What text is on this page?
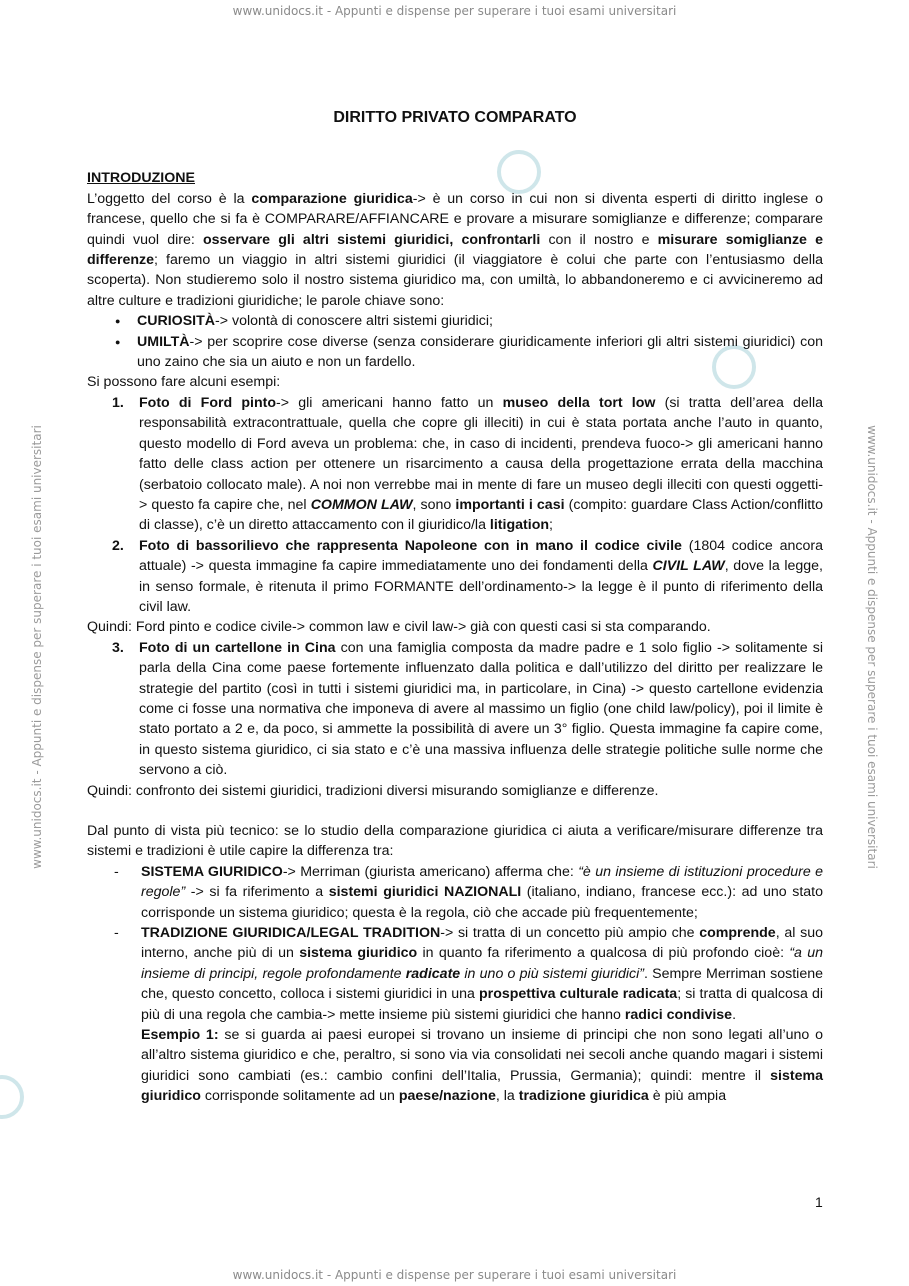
www.unidocs.it - Appunti e dispense per superare i tuoi esami universitari
www.unidocs.it - Appunti e dispense per superare i tuoi esami universitari
www.unidocs.it - Appunti e dispense per superare i tuoi esami universitari	www.unidocs.it - Appunti e dispense per superare i tuoi esami universitari
DIRITTO PRIVATO COMPARATO

INTRODUZIONE

L’oggetto del corso è la comparazione giuridica-> è un corso in cui non si diventa esperti di diritto inglese o francese, quello che si fa è COMPARARE/AFFIANCARE e provare a misurare somiglianze e differenze; comparare quindi vuol dire: osservare gli altri sistemi giuridici, confrontarli con il nostro e misurare somiglianze e differenze; faremo un viaggio in altri sistemi giuridici (il viaggiatore è colui che parte con l’entusiasmo della scoperta). Non studieremo solo il nostro sistema giuridico ma, con umiltà, lo abbandoneremo e ci avvicineremo ad altre culture e tradizioni giuridiche; le parole chiave sono:

● CURIOSITÀ-> volontà di conoscere altri sistemi giuridici;
● UMILTÀ-> per scoprire cose diverse (senza considerare giuridicamente inferiori gli altri sistemi giuridici) con uno zaino che sia un aiuto e non un fardello.

Si possono fare alcuni esempi:

1. Foto di Ford pinto-> gli americani hanno fatto un museo della tort low (si tratta dell’area della responsabilità extracontrattuale, quella che copre gli illeciti) in cui è stata portata anche l’auto in quanto, questo modello di Ford aveva un problema: che, in caso di incidenti, prendeva fuoco-> gli americani hanno fatto delle class action per ottenere un risarcimento a causa della progettazione errata della macchina (serbatoio collocato male). A noi non verrebbe mai in mente di fare un museo degli illeciti con questi oggetti-> questo fa capire che, nel COMMON LAW, sono importanti i casi (compito: guardare Class Action/conflitto di classe), c’è un diretto attaccamento con il giuridico/la litigation;
2. Foto di bassorilievo che rappresenta Napoleone con in mano il codice civile (1804 codice ancora attuale) -> questa immagine fa capire immediatamente uno dei fondamenti della CIVIL LAW, dove la legge, in senso formale, è ritenuta il primo FORMANTE dell’ordinamento-> la legge è il punto di riferimento della civil law.

Quindi: Ford pinto e codice civile-> common law e civil law-> già con questi casi si sta comparando.

3. Foto di un cartellone in Cina con una famiglia composta da madre padre e 1 solo figlio -> solitamente si parla della Cina come paese fortemente influenzato dalla politica e dall’utilizzo del diritto per realizzare le strategie del partito (così in tutti i sistemi giuridici ma, in particolare, in Cina) -> questo cartellone evidenzia come ci fosse una normativa che imponeva di avere al massimo un figlio (one child law/policy), poi il limite è stato portato a 2 e, da poco, si ammette la possibilità di avere un 3° figlio. Questa immagine fa capire come, in questo sistema giuridico, ci sia stato e c’è una massiva influenza delle strategie politiche sulle norme che servono a ciò.

Quindi: confronto dei sistemi giuridici, tradizioni diversi misurando somiglianze e differenze.

Dal punto di vista più tecnico: se lo studio della comparazione giuridica ci aiuta a verificare/misurare differenze tra sistemi e tradizioni è utile capire la differenza tra:

- SISTEMA GIURIDICO-> Merriman (giurista americano) afferma che: “è un insieme di istituzioni procedure e regole” -> si fa riferimento a sistemi giuridici NAZIONALI (italiano, indiano, francese ecc.): ad uno stato corrisponde un sistema giuridico; questa è la regola, ciò che accade più frequentemente;
- TRADIZIONE GIURIDICA/LEGAL TRADITION-> si tratta di un concetto più ampio che comprende, al suo interno, anche più di un sistema giuridico in quanto fa riferimento a qualcosa di più profondo cioè: “a un insieme di principi, regole profondamente radicate in uno o più sistemi giuridici”. Sempre Merriman sostiene che, questo concetto, colloca i sistemi giuridici in una prospettiva culturale radicata; si tratta di qualcosa di più di una regola che cambia-> mette insieme più sistemi giuridici che hanno radici condivise.
Esempio 1: se si guarda ai paesi europei si trovano un insieme di principi che non sono legati all’uno o all’altro sistema giuridico e che, peraltro, si sono via via consolidati nei secoli anche quando magari i sistemi giuridici sono cambiati (es.: cambio confini dell’Italia, Prussia, Germania); quindi: mentre il sistema giuridico corrisponde solitamente ad un paese/nazione, la tradizione giuridica è più ampia
1
